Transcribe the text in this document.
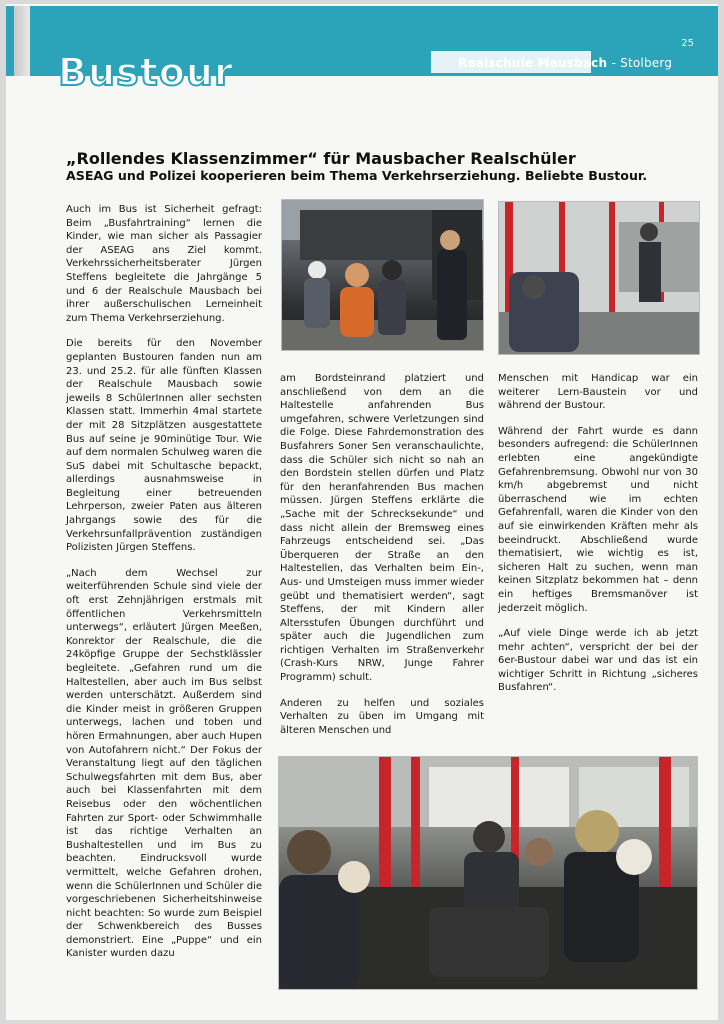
25
Realschule Mausbach - Stolberg
Bustour
„Rollendes Klassenzimmer“ für Mausbacher Realschüler
ASEAG und Polizei kooperieren beim Thema Verkehrserziehung. Beliebte Bustour.

Auch im Bus ist Sicherheit gefragt: Beim „Busfahrtraining“ lernen die Kinder, wie man sicher als Passagier der ASEAG ans Ziel kommt. Verkehrssicherheitsberater Jürgen Steffens begleitete die Jahrgänge 5 und 6 der Realschule Mausbach bei ihrer außerschulischen Lerneinheit zum Thema Verkehrserziehung.

Die bereits für den November geplanten Bustouren fanden nun am 23. und 25.2. für alle fünften Klassen der Realschule Mausbach sowie jeweils 8 SchülerInnen aller sechsten Klassen statt. Immerhin 4mal startete der mit 28 Sitzplätzen ausgestattete Bus auf seine je 90minütige Tour. Wie auf dem normalen Schulweg waren die SuS dabei mit Schultasche bepackt, allerdings ausnahmsweise in Begleitung einer betreuenden Lehrperson, zweier Paten aus älteren Jahrgangs sowie des für die Verkehrsunfallprävention zuständigen Polizisten Jürgen Steffens.

„Nach dem Wechsel zur weiterführenden Schule sind viele der oft erst Zehnjährigen erstmals mit öffentlichen Verkehrsmitteln unterwegs“, erläutert Jürgen Meeßen, Konrektor der Realschule, die die 24köpfige Gruppe der Sechstklässler begleitete. „Gefahren rund um die Haltestellen, aber auch im Bus selbst werden unterschätzt. Außerdem sind die Kinder meist in größeren Gruppen unterwegs, lachen und toben und hören Ermahnungen, aber auch Hupen von Autofahrern nicht.“ Der Fokus der Veranstaltung liegt auf den täglichen Schulwegsfahrten mit dem Bus, aber auch bei Klassenfahrten mit dem Reisebus oder den wöchentlichen Fahrten zur Sport- oder Schwimmhalle ist das richtige Verhalten an Bushaltestellen und im Bus zu beachten. Eindrucksvoll wurde vermittelt, welche Gefahren drohen, wenn die SchülerInnen und Schüler die vorgeschriebenen Sicherheitshinweise nicht beachten: So wurde zum Beispiel der Schwenkbereich des Busses demonstriert. Eine „Puppe“ und ein Kanister wurden dazu

am Bordsteinrand platziert und anschließend von dem an die Haltestelle anfahrenden Bus umgefahren, schwere Verletzungen sind die Folge. Diese Fahrdemonstration des Busfahrers Soner Sen veranschaulichte, dass die Schüler sich nicht so nah an den Bordstein stellen dürfen und Platz für den heranfahrenden Bus machen müssen. Jürgen Steffens erklärte die „Sache mit der Schrecksekunde“ und dass nicht allein der Bremsweg eines Fahrzeugs entscheidend sei. „Das Überqueren der Straße an den Haltestellen, das Verhalten beim Ein-, Aus- und Umsteigen muss immer wieder geübt und thematisiert werden“, sagt Steffens, der mit Kindern aller Altersstufen Übungen durchführt und später auch die Jugendlichen zum richtigen Verhalten im Straßenverkehr (Crash-Kurs NRW, Junge Fahrer Programm) schult.

Anderen zu helfen und soziales Verhalten zu üben im Umgang mit älteren Menschen und

Menschen mit Handicap war ein weiterer Lern-Baustein vor und während der Bustour.

Während der Fahrt wurde es dann besonders aufregend: die SchülerInnen erlebten eine angekündigte Gefahrenbremsung. Obwohl nur von 30 km/h abgebremst und nicht überraschend wie im echten Gefahrenfall, waren die Kinder von den auf sie einwirkenden Kräften mehr als beeindruckt. Abschließend wurde thematisiert, wie wichtig es ist, sicheren Halt zu suchen, wenn man keinen Sitzplatz bekommen hat – denn ein heftiges Bremsmanöver ist jederzeit möglich.

„Auf viele Dinge werde ich ab jetzt mehr achten“, verspricht der bei der 6er-Bustour dabei war und das ist ein wichtiger Schritt in Richtung „sicheres Busfahren“.
